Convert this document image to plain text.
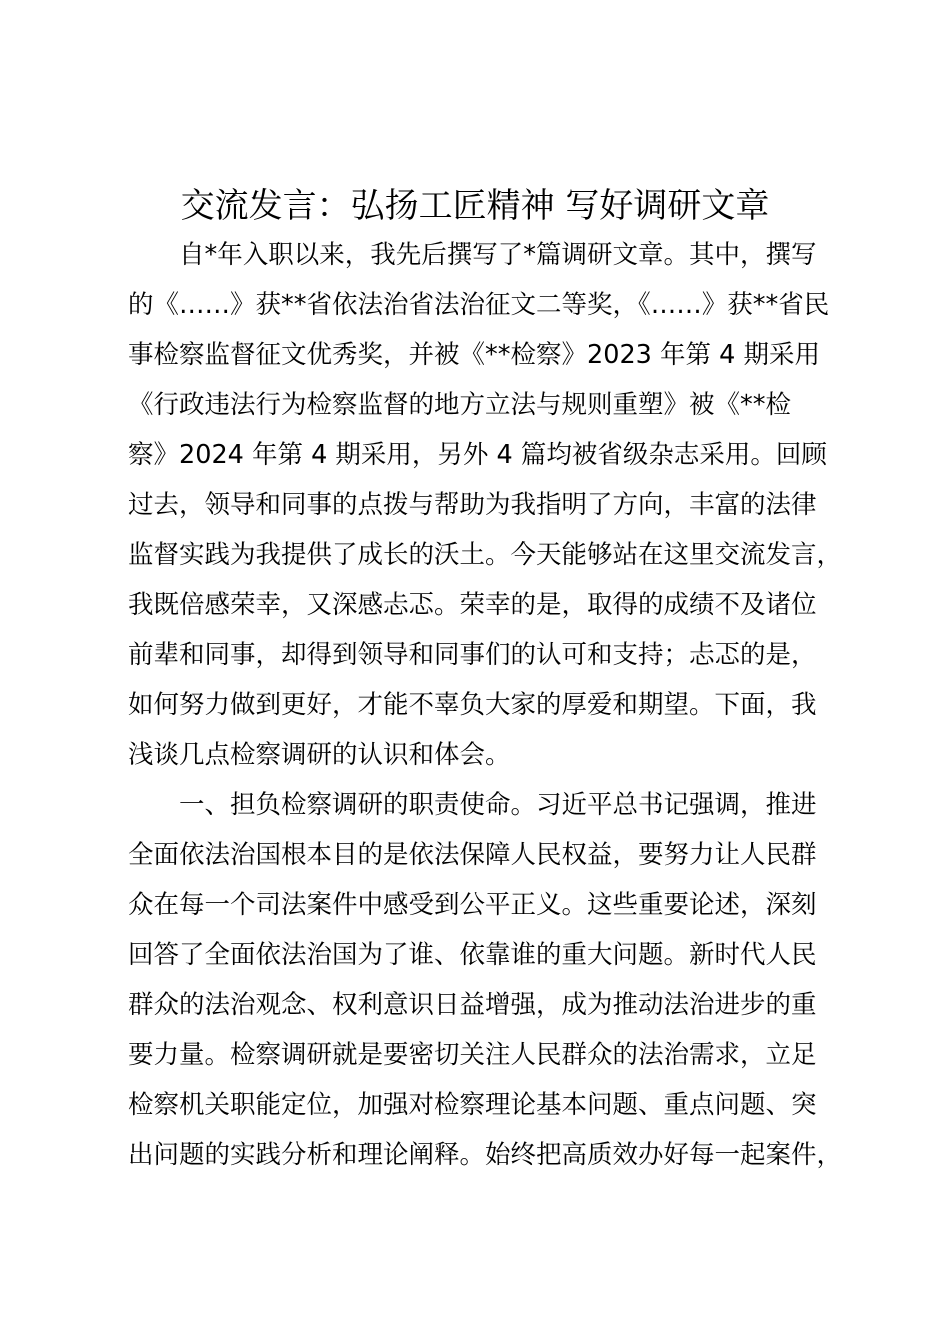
交流发言：弘扬工匠精神 写好调研文章
自*年入职以来，我先后撰写了*篇调研文章。其中，撰写
的《……》获**省依法治省法治征文二等奖，《……》获**省民
事检察监督征文优秀奖，并被《**检察》2023 年第 4 期采用
《行政违法行为检察监督的地方立法与规则重塑》被《**检
察》2024 年第 4 期采用，另外 4 篇均被省级杂志采用。回顾
过去，领导和同事的点拨与帮助为我指明了方向，丰富的法律
监督实践为我提供了成长的沃土。今天能够站在这里交流发言，
我既倍感荣幸，又深感忐忑。荣幸的是，取得的成绩不及诸位
前辈和同事，却得到领导和同事们的认可和支持；忐忑的是，
如何努力做到更好，才能不辜负大家的厚爱和期望。下面，我
浅谈几点检察调研的认识和体会。
一、担负检察调研的职责使命。习近平总书记强调，推进
全面依法治国根本目的是依法保障人民权益，要努力让人民群
众在每一个司法案件中感受到公平正义。这些重要论述，深刻
回答了全面依法治国为了谁、依靠谁的重大问题。新时代人民
群众的法治观念、权利意识日益增强，成为推动法治进步的重
要力量。检察调研就是要密切关注人民群众的法治需求，立足
检察机关职能定位，加强对检察理论基本问题、重点问题、突
出问题的实践分析和理论阐释。始终把高质效办好每一起案件，
